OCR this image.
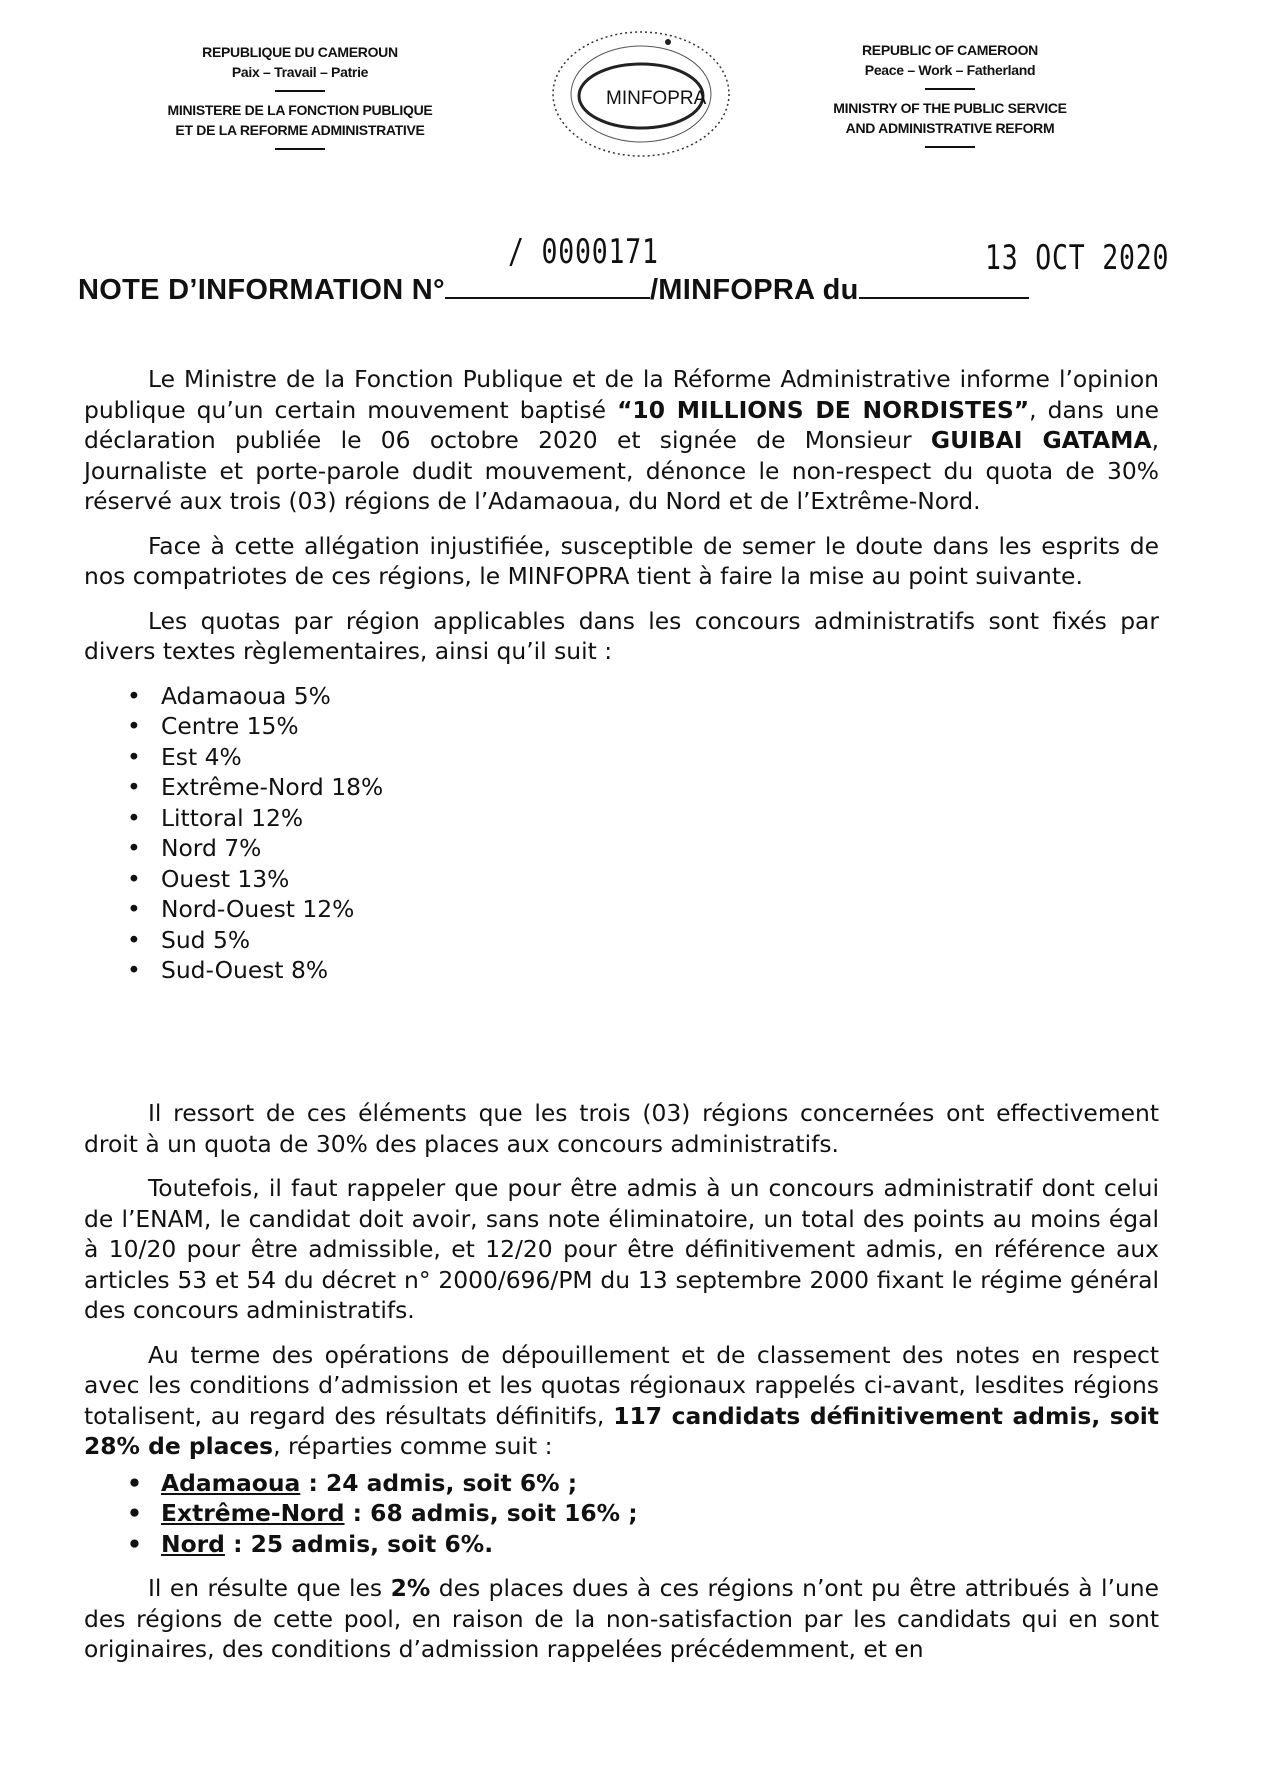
REPUBLIQUE DU CAMEROUN
Paix – Travail – Patrie
MINISTERE DE LA FONCTION PUBLIQUE
ET DE LA REFORME ADMINISTRATIVE
MINFOPRA
REPUBLIC OF CAMEROON
Peace – Work – Fatherland
MINISTRY OF THE PUBLIC SERVICE
AND ADMINISTRATIVE REFORM
/ 0000171	13 OCT 2020
NOTE D’INFORMATION N°	/MINFOPRA du

Le Ministre de la Fonction Publique et de la Réforme Administrative informe l’opinion publique qu’un certain mouvement baptisé “10 MILLIONS DE NORDISTES”, dans une déclaration publiée le 06 octobre 2020 et signée de Monsieur GUIBAI GATAMA, Journaliste et porte-parole dudit mouvement, dénonce le non-respect du quota de 30% réservé aux trois (03) régions de l’Adamaoua, du Nord et de l’Extrême-Nord.

Face à cette allégation injustifiée, susceptible de semer le doute dans les esprits de nos compatriotes de ces régions, le MINFOPRA tient à faire la mise au point suivante.

Les quotas par région applicables dans les concours administratifs sont fixés par divers textes règlementaires, ainsi qu’il suit :

• Adamaoua 5%
• Centre 15%
• Est 4%
• Extrême-Nord 18%
• Littoral 12%
• Nord 7%
• Ouest 13%
• Nord-Ouest 12%
• Sud 5%
• Sud-Ouest 8%

Il ressort de ces éléments que les trois (03) régions concernées ont effectivement droit à un quota de 30% des places aux concours administratifs.

Toutefois, il faut rappeler que pour être admis à un concours administratif dont celui de l’ENAM, le candidat doit avoir, sans note éliminatoire, un total des points au moins égal à 10/20 pour être admissible, et 12/20 pour être définitivement admis, en référence aux articles 53 et 54 du décret n° 2000/696/PM du 13 septembre 2000 fixant le régime général des concours administratifs.

Au terme des opérations de dépouillement et de classement des notes en respect avec les conditions d’admission et les quotas régionaux rappelés ci-avant, lesdites régions totalisent, au regard des résultats définitifs, 117 candidats définitivement admis, soit 28% de places, réparties comme suit :

• Adamaoua : 24 admis, soit 6% ;
• Extrême-Nord : 68 admis, soit 16% ;
• Nord : 25 admis, soit 6%.

Il en résulte que les 2% des places dues à ces régions n’ont pu être attribués à l’une des régions de cette pool, en raison de la non-satisfaction par les candidats qui en sont originaires, des conditions d’admission rappelées précédemment, et en
